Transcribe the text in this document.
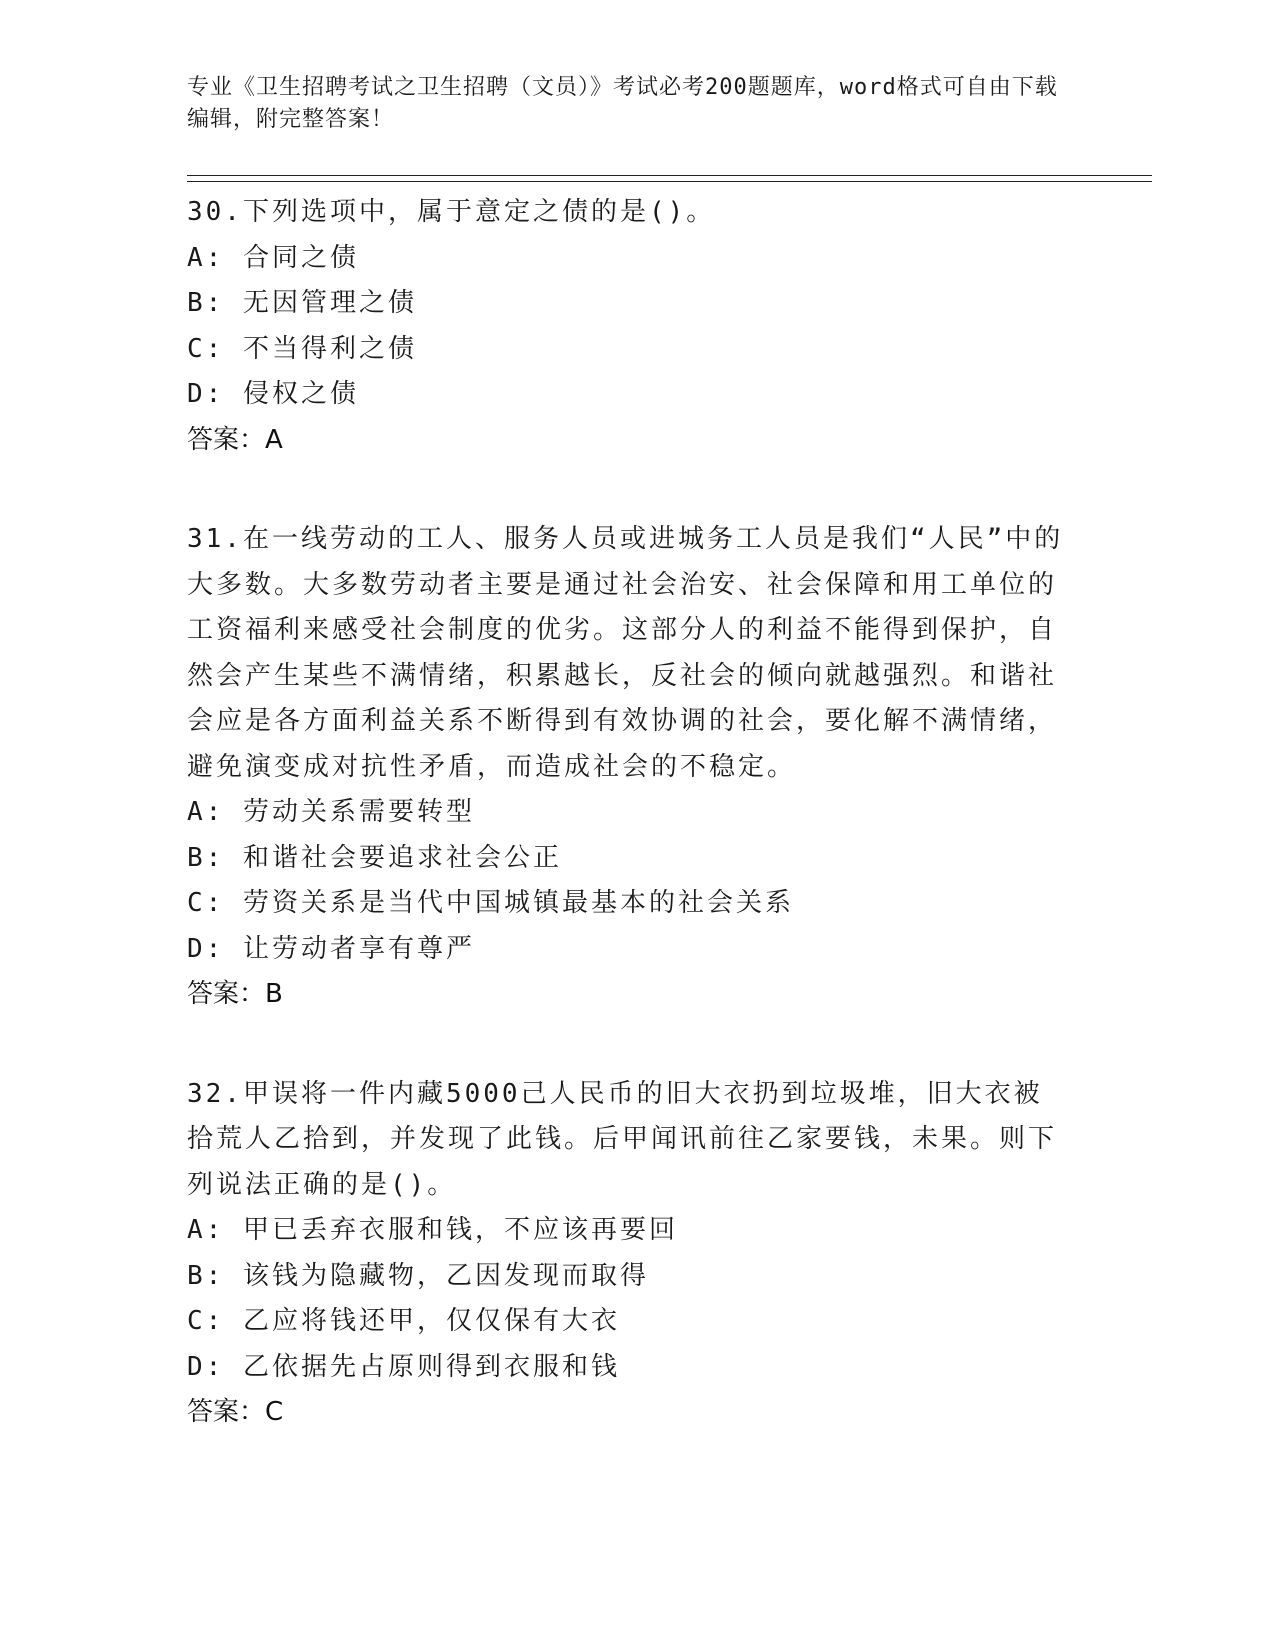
专业《卫生招聘考试之卫生招聘（文员）》考试必考200题题库，word格式可自由下载编辑，附完整答案！

30.下列选项中，属于意定之债的是()。

A: 合同之债

B: 无因管理之债

C: 不当得利之债

D: 侵权之债

答案：A

31.在一线劳动的工人、服务人员或进城务工人员是我们“人民”中的大多数。大多数劳动者主要是通过社会治安、社会保障和用工单位的工资福利来感受社会制度的优劣。这部分人的利益不能得到保护，自然会产生某些不满情绪，积累越长，反社会的倾向就越强烈。和谐社会应是各方面利益关系不断得到有效协调的社会，要化解不满情绪，避免演变成对抗性矛盾，而造成社会的不稳定。

A: 劳动关系需要转型

B: 和谐社会要追求社会公正

C: 劳资关系是当代中国城镇最基本的社会关系

D: 让劳动者享有尊严

答案：B

32.甲误将一件内藏5000己人民币的旧大衣扔到垃圾堆，旧大衣被拾荒人乙拾到，并发现了此钱。后甲闻讯前往乙家要钱，未果。则下列说法正确的是()。

A: 甲已丢弃衣服和钱，不应该再要回

B: 该钱为隐藏物，乙因发现而取得

C: 乙应将钱还甲，仅仅保有大衣

D: 乙依据先占原则得到衣服和钱

答案：C
